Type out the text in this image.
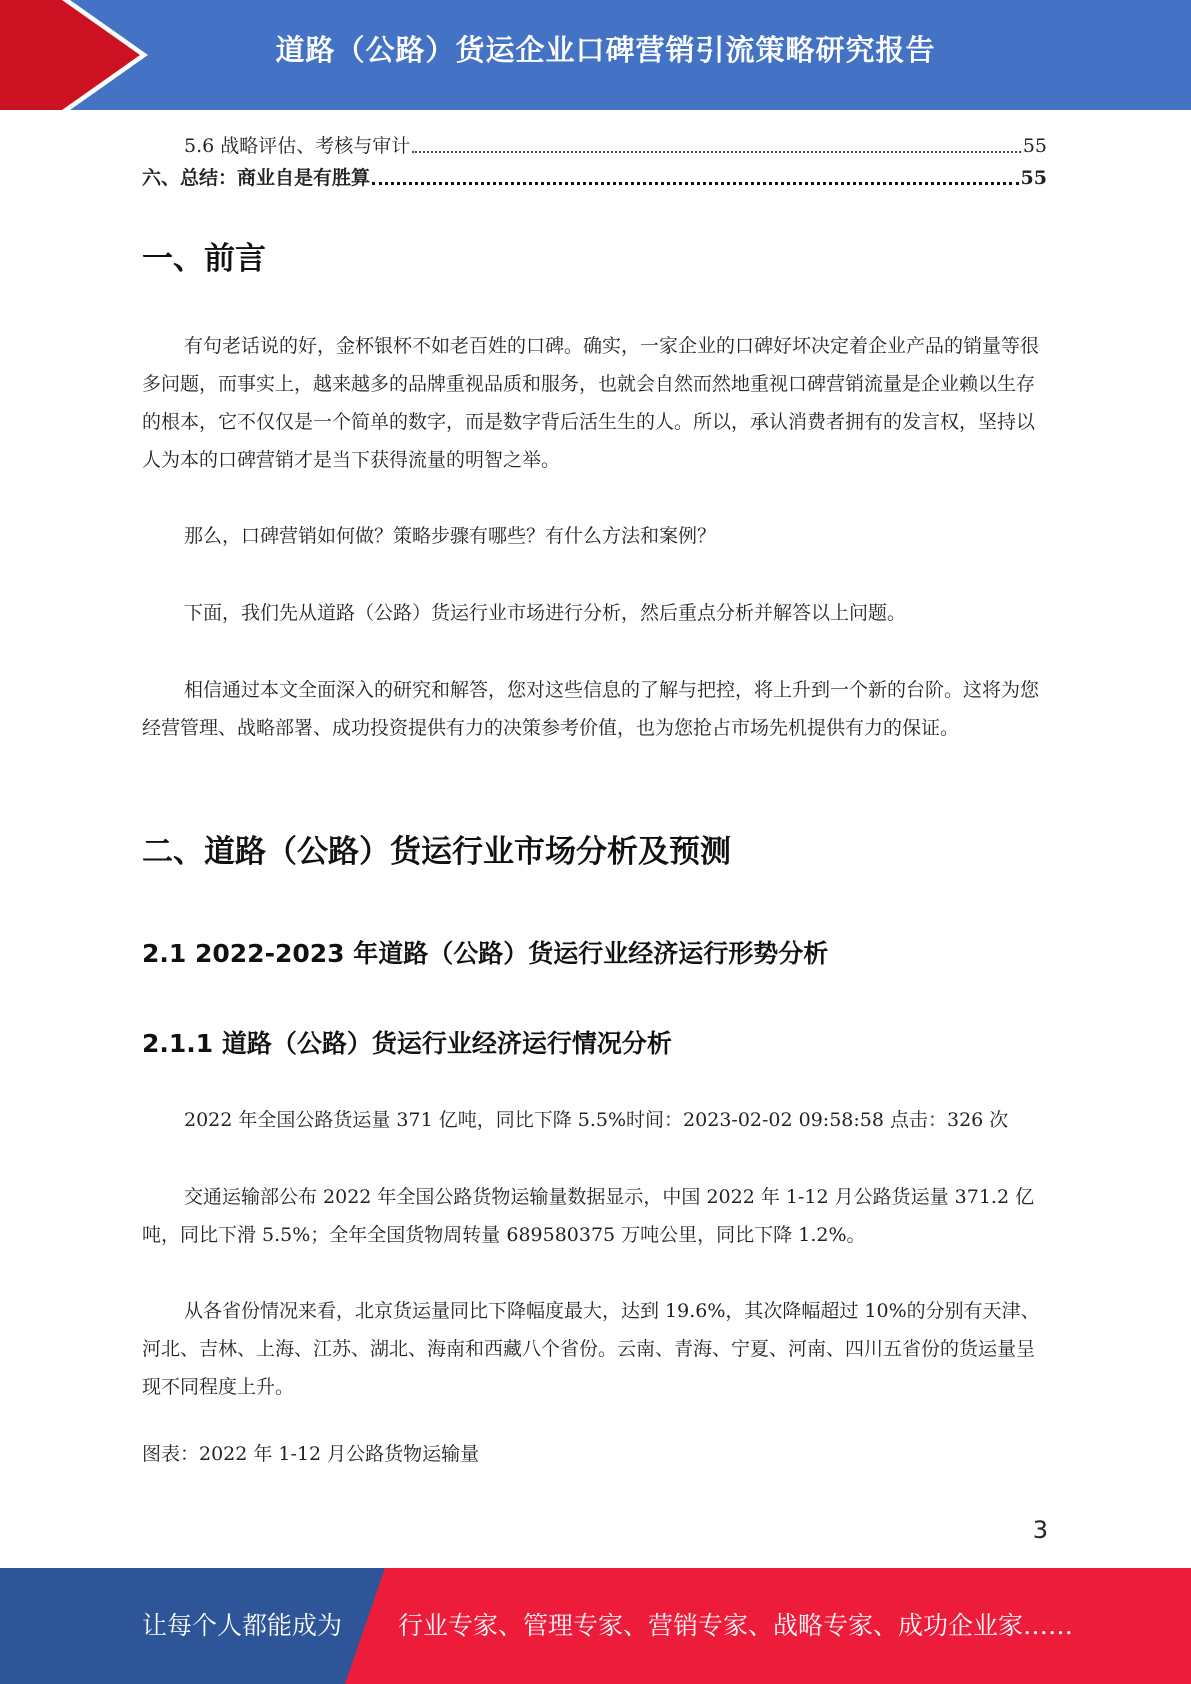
道路（公路）货运企业口碑营销引流策略研究报告
5.6 战略评估、考核与审计	55
六、总结：商业自是有胜算	55
一、前言

有句老话说的好，金杯银杯不如老百姓的口碑。确实，一家企业的口碑好坏决定着企业产品的销量等很多问题，而事实上，越来越多的品牌重视品质和服务，也就会自然而然地重视口碑营销流量是企业赖以生存的根本，它不仅仅是一个简单的数字，而是数字背后活生生的人。所以，承认消费者拥有的发言权，坚持以人为本的口碑营销才是当下获得流量的明智之举。

那么，口碑营销如何做？策略步骤有哪些？有什么方法和案例？

下面，我们先从道路（公路）货运行业市场进行分析，然后重点分析并解答以上问题。

相信通过本文全面深入的研究和解答，您对这些信息的了解与把控，将上升到一个新的台阶。这将为您经营管理、战略部署、成功投资提供有力的决策参考价值，也为您抢占市场先机提供有力的保证。

二、道路（公路）货运行业市场分析及预测
2.1 2022-2023 年道路（公路）货运行业经济运行形势分析
2.1.1 道路（公路）货运行业经济运行情况分析

2022 年全国公路货运量 371 亿吨，同比下降 5.5%时间：2023-02-02 09:58:58 点击：326 次

交通运输部公布 2022 年全国公路货物运输量数据显示，中国 2022 年 1-12 月公路货运量 371.2 亿吨，同比下滑 5.5%；全年全国货物周转量 689580375 万吨公里，同比下降 1.2%。

从各省份情况来看，北京货运量同比下降幅度最大，达到 19.6%，其次降幅超过 10%的分别有天津、河北、吉林、上海、江苏、湖北、海南和西藏八个省份。云南、青海、宁夏、河南、四川五省份的货运量呈现不同程度上升。

图表：2022 年 1-12 月公路货物运输量

3
让每个人都能成为 行业专家、管理专家、营销专家、战略专家、成功企业家……
